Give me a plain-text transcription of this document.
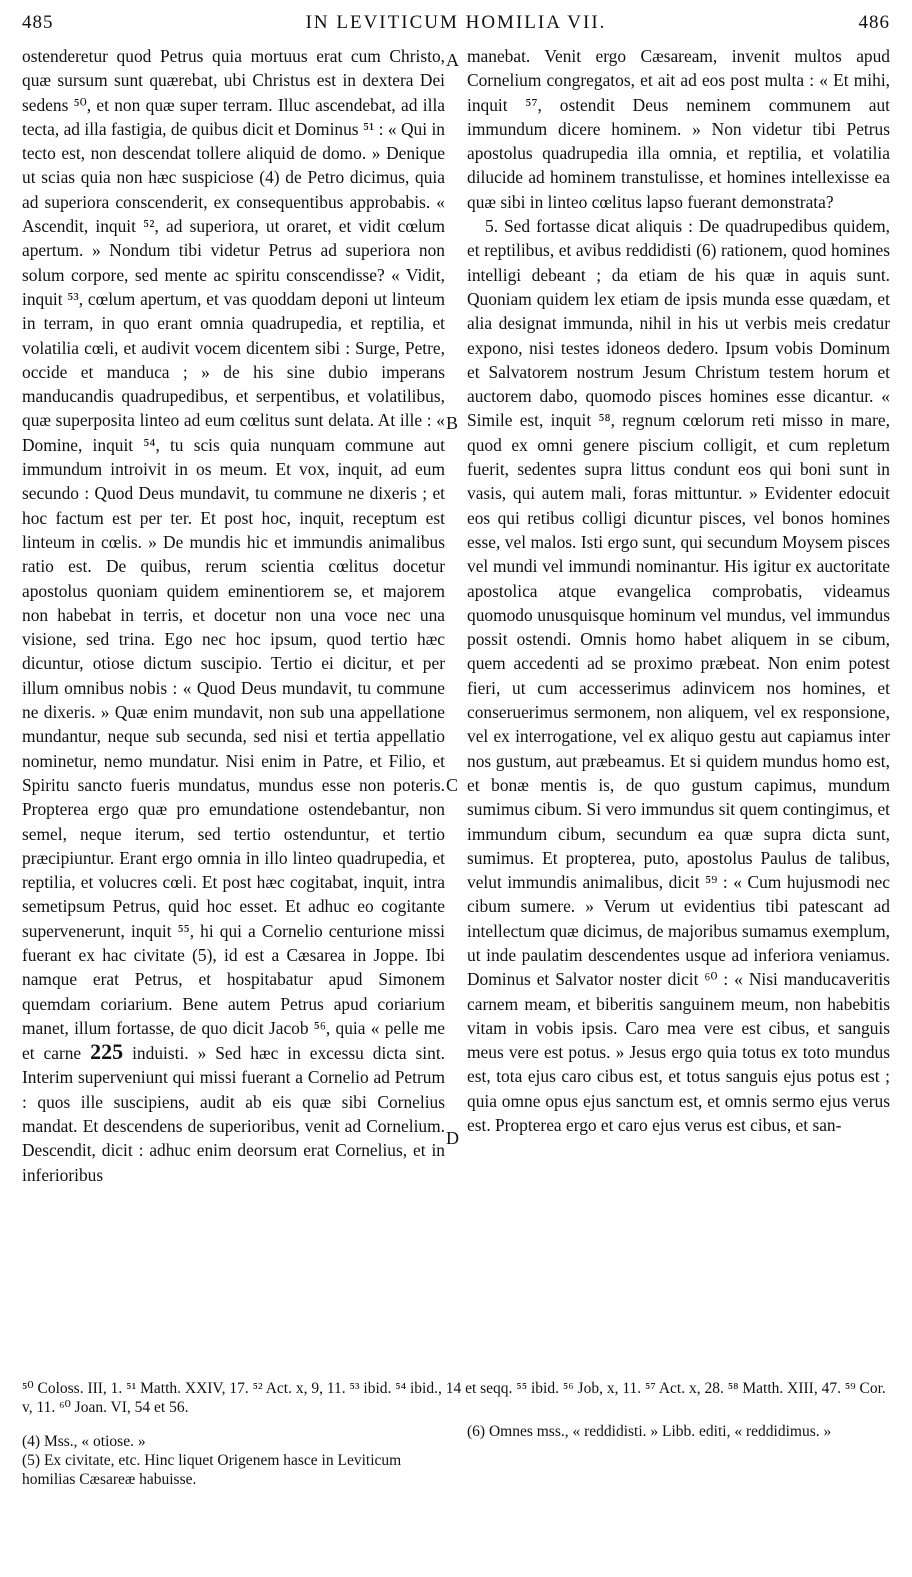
485	IN LEVITICUM HOMILIA VII.	486

ostenderetur quod Petrus quia mortuus erat cum Christo, quæ sursum sunt quærebat, ubi Christus est in dextera Dei sedens ⁵⁰, et non quæ super terram. Illuc ascendebat, ad illa tecta, ad illa fastigia, de quibus dicit et Dominus ⁵¹ : « Qui in tecto est, non descendat tollere aliquid de domo. » Denique ut scias quia non hæc suspiciose (4) de Petro dicimus, quia ad superiora conscenderit, ex consequentibus approbabis. « Ascendit, inquit ⁵², ad superiora, ut oraret, et vidit cœlum apertum. » Nondum tibi videtur Petrus ad superiora non solum corpore, sed mente ac spiritu conscendisse? « Vidit, inquit ⁵³, cœlum apertum, et vas quoddam deponi ut linteum in terram, in quo erant omnia quadrupedia, et reptilia, et volatilia cœli, et audivit vocem dicentem sibi : Surge, Petre, occide et manduca ; » de his sine dubio imperans manducandis quadrupedibus, et serpentibus, et volatilibus, quæ superposita linteo ad eum cœlitus sunt delata. At ille : « Domine, inquit ⁵⁴, tu scis quia nunquam commune aut immundum introivit in os meum. Et vox, inquit, ad eum secundo : Quod Deus mundavit, tu commune ne dixeris ; et hoc factum est per ter. Et post hoc, inquit, receptum est linteum in cœlis. » De mundis hic et immundis animalibus ratio est. De quibus, rerum scientia cœlitus docetur apostolus quoniam quidem eminentiorem se, et majorem non habebat in terris, et docetur non una voce nec una visione, sed trina. Ego nec hoc ipsum, quod tertio hæc dicuntur, otiose dictum suscipio. Tertio ei dicitur, et per illum omnibus nobis : « Quod Deus mundavit, tu commune ne dixeris. » Quæ enim mundavit, non sub una appellatione mundantur, neque sub secunda, sed nisi et tertia appellatio nominetur, nemo mundatur. Nisi enim in Patre, et Filio, et Spiritu sancto fueris mundatus, mundus esse non poteris. Propterea ergo quæ pro emundatione ostendebantur, non semel, neque iterum, sed tertio ostenduntur, et tertio præcipiuntur. Erant ergo omnia in illo linteo quadrupedia, et reptilia, et volucres cœli. Et post hæc cogitabat, inquit, intra semetipsum Petrus, quid hoc esset. Et adhuc eo cogitante supervenerunt, inquit ⁵⁵, hi qui a Cornelio centurione missi fuerant ex hac civitate (5), id est a Cæsarea in Joppe. Ibi namque erat Petrus, et hospitabatur apud Simonem quemdam coriarium. Bene autem Petrus apud coriarium manet, illum fortasse, de quo dicit Jacob ⁵⁶, quia « pelle me et carne 225 induisti. » Sed hæc in excessu dicta sint. Interim superveniunt qui missi fuerant a Cornelio ad Petrum : quos ille suscipiens, audit ab eis quæ sibi Cornelius mandat. Et descendens de superioribus, venit ad Cornelium. Descendit, dicit : adhuc enim deorsum erat Cornelius, et in inferioribus

manebat. Venit ergo Cæsaream, invenit multos apud Cornelium congregatos, et ait ad eos post multa : « Et mihi, inquit ⁵⁷, ostendit Deus neminem communem aut immundum dicere hominem. » Non videtur tibi Petrus apostolus quadrupedia illa omnia, et reptilia, et volatilia dilucide ad hominem transtulisse, et homines intellexisse ea quæ sibi in linteo cœlitus lapso fuerant demonstrata?

5. Sed fortasse dicat aliquis : De quadrupedibus quidem, et reptilibus, et avibus reddidisti (6) rationem, quod homines intelligi debeant ; da etiam de his quæ in aquis sunt. Quoniam quidem lex etiam de ipsis munda esse quædam, et alia designat immunda, nihil in his ut verbis meis credatur expono, nisi testes idoneos dedero. Ipsum vobis Dominum et Salvatorem nostrum Jesum Christum testem horum et auctorem dabo, quomodo pisces homines esse dicantur. « Simile est, inquit ⁵⁸, regnum cœlorum reti misso in mare, quod ex omni genere piscium colligit, et cum repletum fuerit, sedentes supra littus condunt eos qui boni sunt in vasis, qui autem mali, foras mittuntur. » Evidenter edocuit eos qui retibus colligi dicuntur pisces, vel bonos homines esse, vel malos. Isti ergo sunt, qui secundum Moysem pisces vel mundi vel immundi nominantur. His igitur ex auctoritate apostolica atque evangelica comprobatis, videamus quomodo unusquisque hominum vel mundus, vel immundus possit ostendi. Omnis homo habet aliquem in se cibum, quem accedenti ad se proximo præbeat. Non enim potest fieri, ut cum accesserimus adinvicem nos homines, et conseruerimus sermonem, non aliquem, vel ex responsione, vel ex interrogatione, vel ex aliquo gestu aut capiamus inter nos gustum, aut præbeamus. Et si quidem mundus homo est, et bonæ mentis is, de quo gustum capimus, mundum sumimus cibum. Si vero immundus sit quem contingimus, et immundum cibum, secundum ea quæ supra dicta sunt, sumimus. Et propterea, puto, apostolus Paulus de talibus, velut immundis animalibus, dicit ⁵⁹ : « Cum hujusmodi nec cibum sumere. » Verum ut evidentius tibi patescant ad intellectum quæ dicimus, de majoribus sumamus exemplum, ut inde paulatim descendentes usque ad inferiora veniamus. Dominus et Salvator noster dicit ⁶⁰ : « Nisi manducaveritis carnem meam, et biberitis sanguinem meum, non habebitis vitam in vobis ipsis. Caro mea vere est cibus, et sanguis meus vere est potus. » Jesus ergo quia totus ex toto mundus est, tota ejus caro cibus est, et totus sanguis ejus potus est ; quia omne opus ejus sanctum est, et omnis sermo ejus verus est. Propterea ergo et caro ejus verus est cibus, et san-

A
B
C
D

⁵⁰ Coloss. III, 1. ⁵¹ Matth. XXIV, 17. ⁵² Act. x, 9, 11. ⁵³ ibid. ⁵⁴ ibid., 14 et seqq. ⁵⁵ ibid. ⁵⁶ Job, x, 11. ⁵⁷ Act. x, 28. ⁵⁸ Matth. XIII, 47. ⁵⁹ Cor. v, 11. ⁶⁰ Joan. VI, 54 et 56.

(4) Mss., « otiose. »

(5) Ex civitate, etc. Hinc liquet Origenem hasce in Leviticum homilias Cæsareæ habuisse.

(6) Omnes mss., « reddidisti. » Libb. editi, « reddidimus. »
